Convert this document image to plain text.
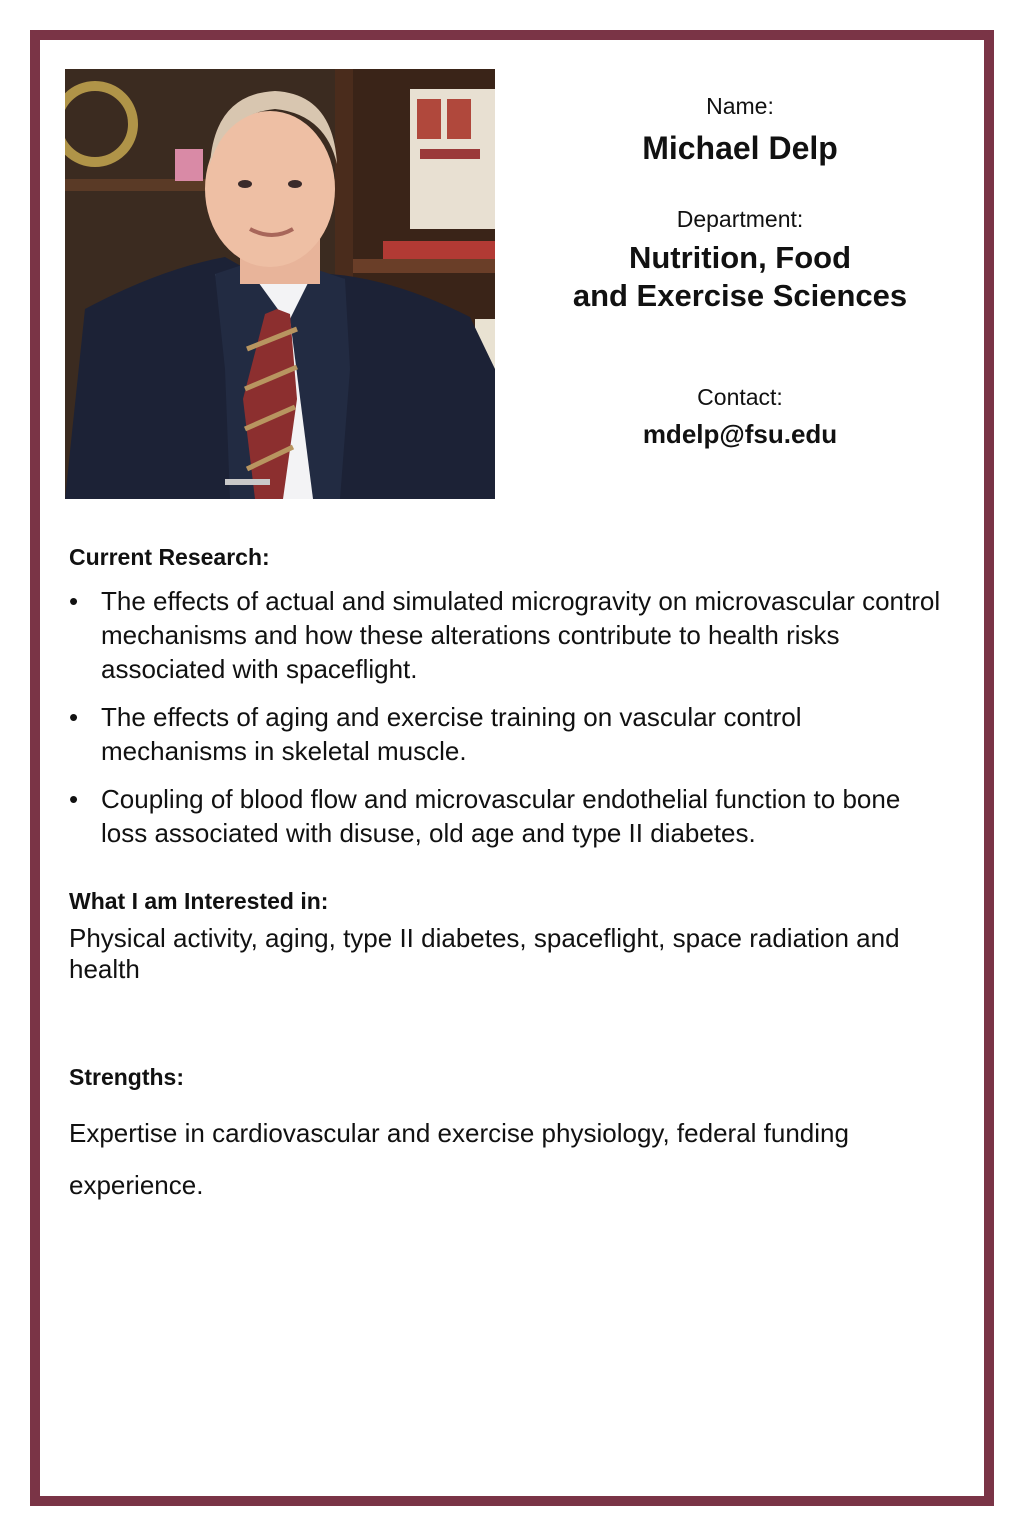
Name:
Michael Delp
Department:
Nutrition, Food
and Exercise Sciences
Contact:
mdelp@fsu.edu
Current Research:
• The effects of actual and simulated microgravity on microvascular control mechanisms and how these alterations contribute to health risks associated with spaceflight.
• The effects of aging and exercise training on vascular control mechanisms in skeletal muscle.
• Coupling of blood flow and microvascular endothelial function to bone loss associated with disuse, old age and type II diabetes.
What I am Interested in:
Physical activity, aging, type II diabetes, spaceflight, space radiation and health
Strengths:
Expertise in cardiovascular and exercise physiology, federal funding experience.
